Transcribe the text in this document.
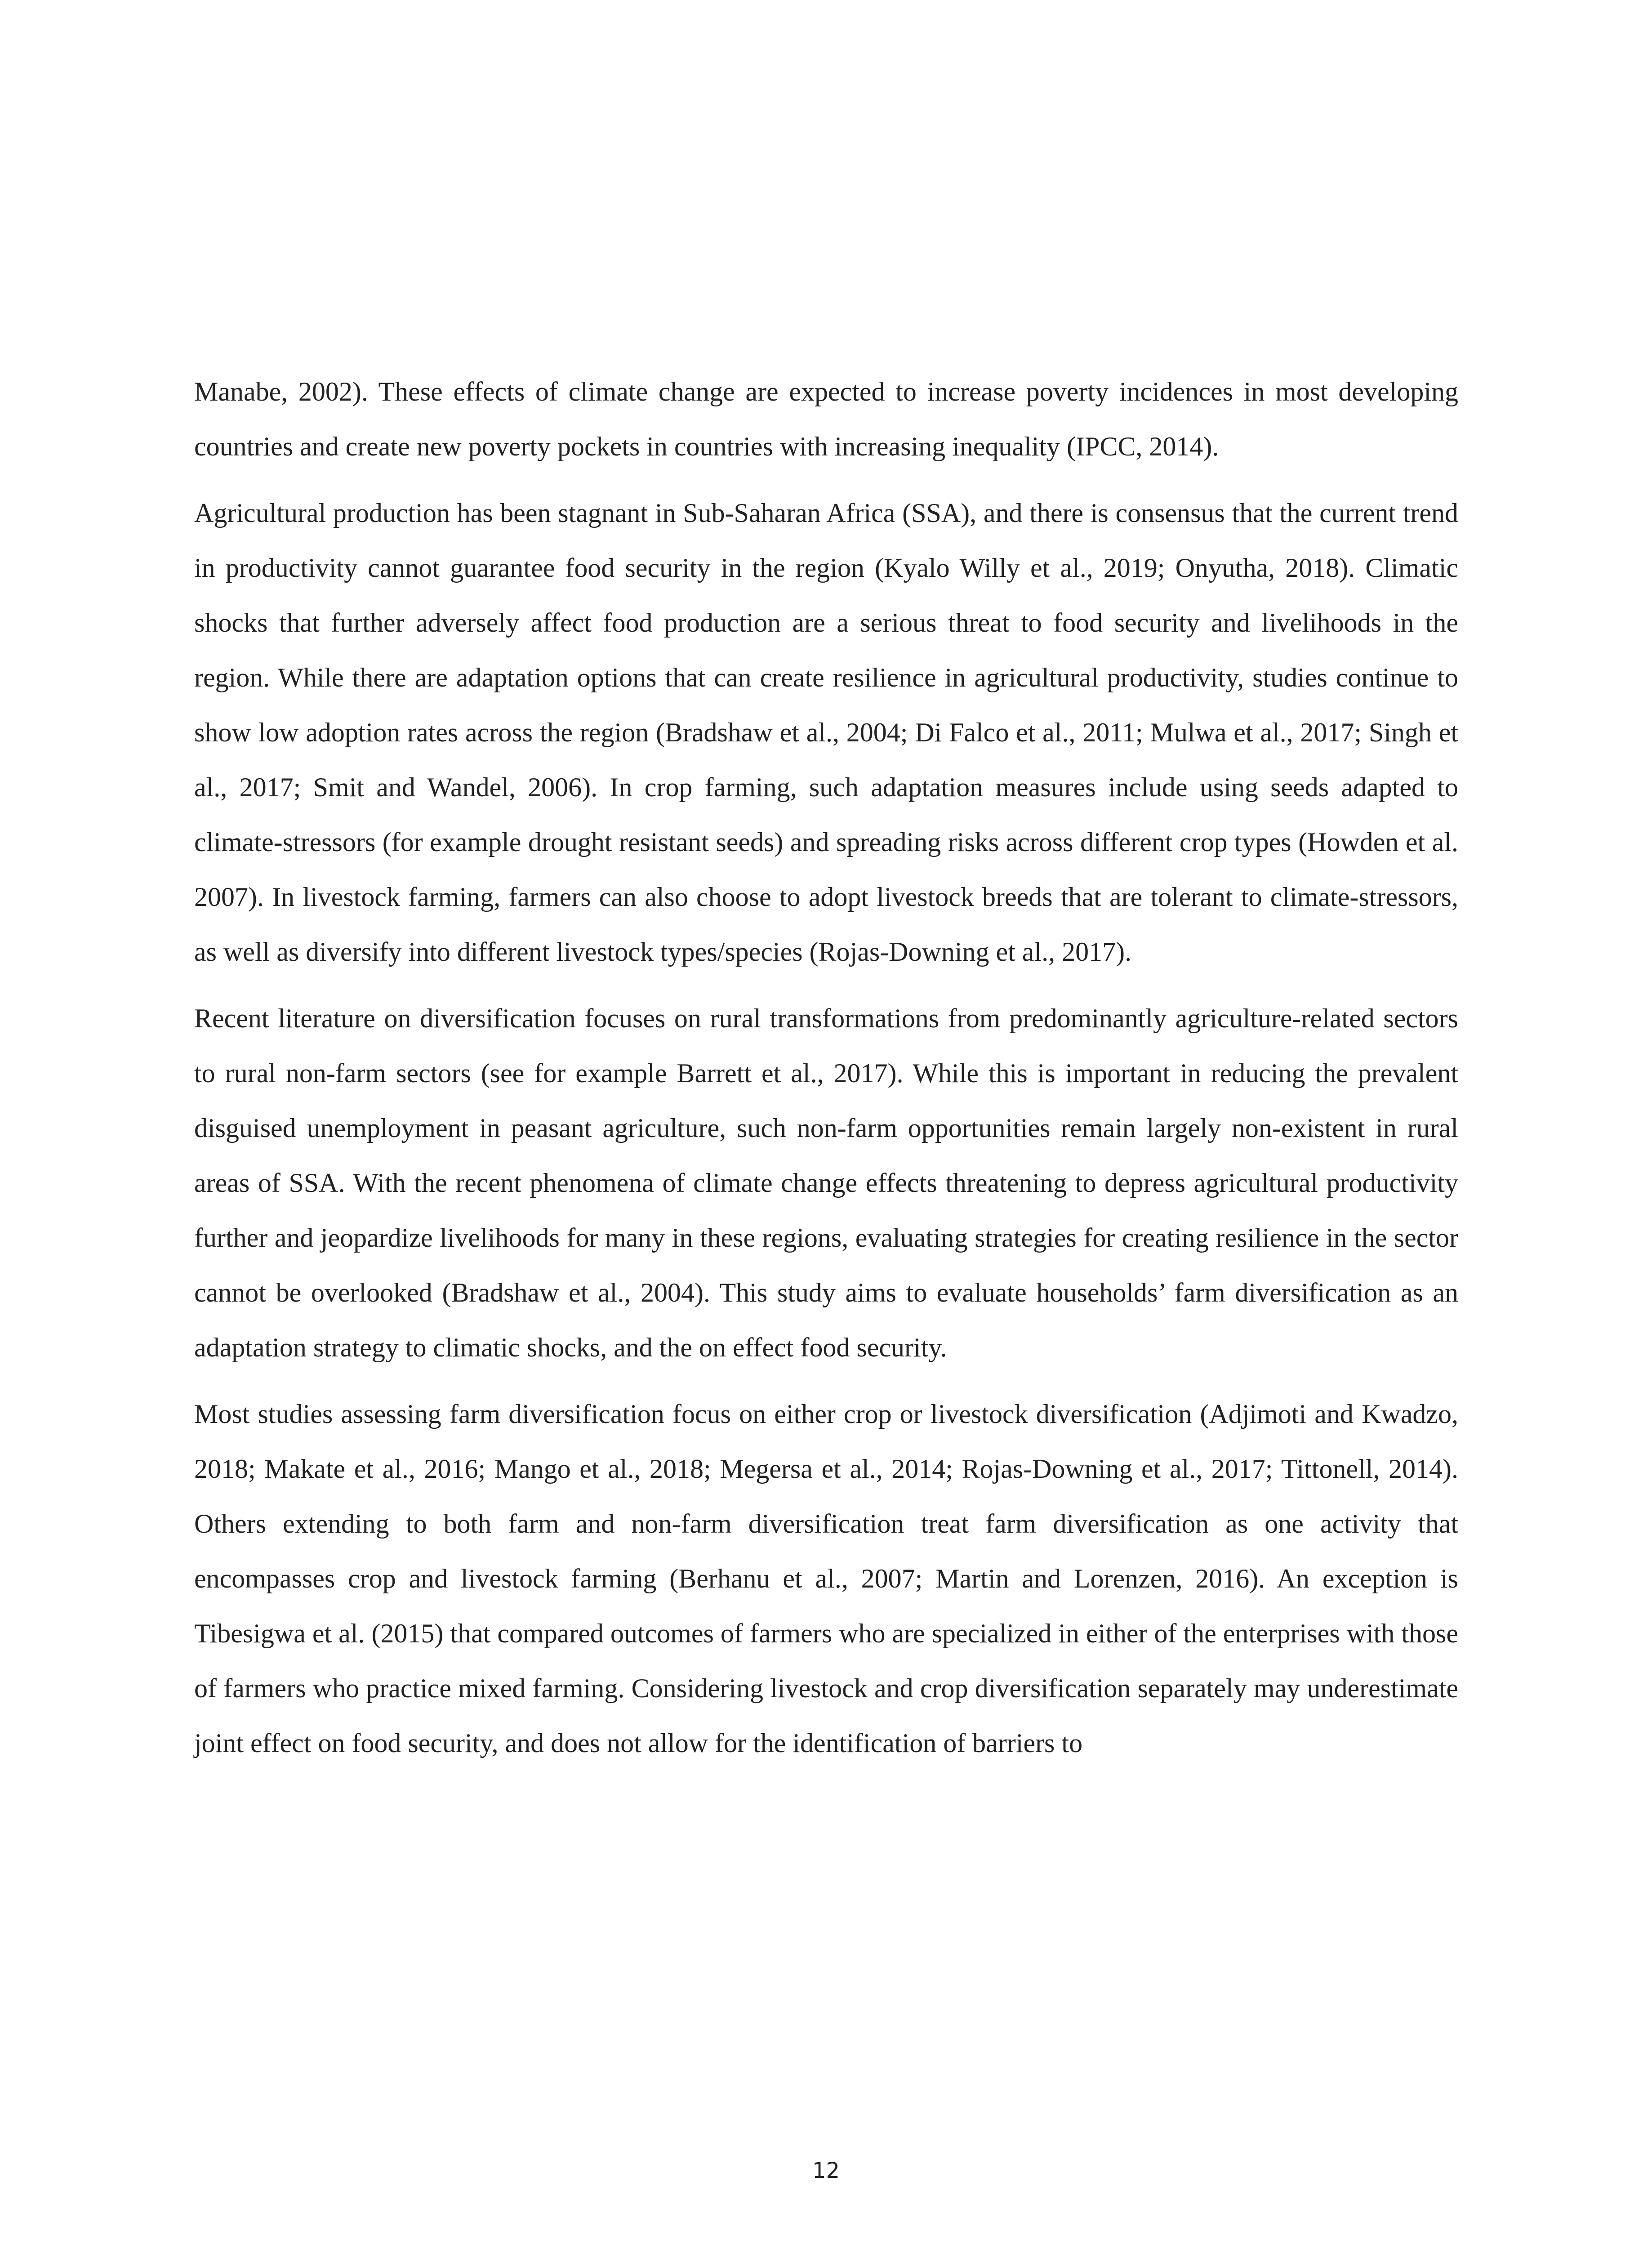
Manabe, 2002). These effects of climate change are expected to increase poverty incidences in most developing countries and create new poverty pockets in countries with increasing inequality (IPCC, 2014).

Agricultural production has been stagnant in Sub-Saharan Africa (SSA), and there is consensus that the current trend in productivity cannot guarantee food security in the region (Kyalo Willy et al., 2019; Onyutha, 2018). Climatic shocks that further adversely affect food production are a serious threat to food security and livelihoods in the region. While there are adaptation options that can create resilience in agricultural productivity, studies continue to show low adoption rates across the region (Bradshaw et al., 2004; Di Falco et al., 2011; Mulwa et al., 2017; Singh et al., 2017; Smit and Wandel, 2006). In crop farming, such adaptation measures include using seeds adapted to climate-stressors (for example drought resistant seeds) and spreading risks across different crop types (Howden et al. 2007). In livestock farming, farmers can also choose to adopt livestock breeds that are tolerant to climate-stressors, as well as diversify into different livestock types/species (Rojas-Downing et al., 2017).

Recent literature on diversification focuses on rural transformations from predominantly agriculture-related sectors to rural non-farm sectors (see for example Barrett et al., 2017). While this is important in reducing the prevalent disguised unemployment in peasant agriculture, such non-farm opportunities remain largely non-existent in rural areas of SSA. With the recent phenomena of climate change effects threatening to depress agricultural productivity further and jeopardize livelihoods for many in these regions, evaluating strategies for creating resilience in the sector cannot be overlooked (Bradshaw et al., 2004). This study aims to evaluate households’ farm diversification as an adaptation strategy to climatic shocks, and the on effect food security.

Most studies assessing farm diversification focus on either crop or livestock diversification (Adjimoti and Kwadzo, 2018; Makate et al., 2016; Mango et al., 2018; Megersa et al., 2014; Rojas-Downing et al., 2017; Tittonell, 2014). Others extending to both farm and non-farm diversification treat farm diversification as one activity that encompasses crop and livestock farming (Berhanu et al., 2007; Martin and Lorenzen, 2016). An exception is Tibesigwa et al. (2015) that compared outcomes of farmers who are specialized in either of the enterprises with those of farmers who practice mixed farming. Considering livestock and crop diversification separately may underestimate joint effect on food security, and does not allow for the identification of barriers to

12
